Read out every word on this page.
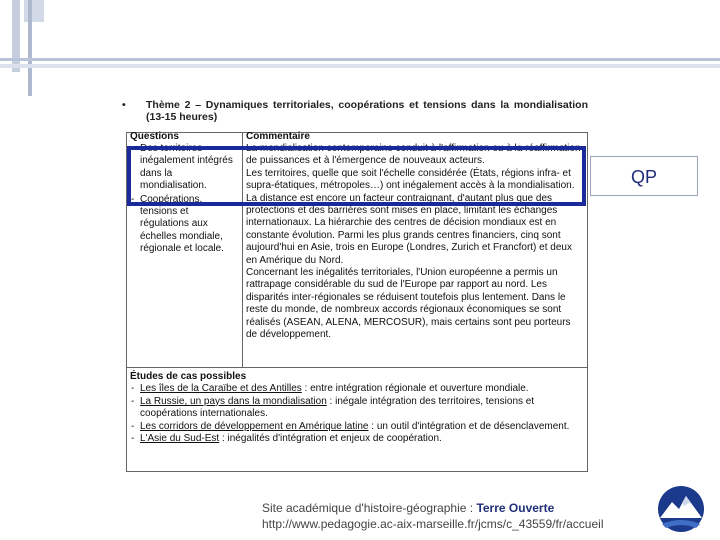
• Thème 2 – Dynamiques territoriales, coopérations et tensions dans la mondialisation (13-15 heures)
Questions
- Des territoires inégalement intégrés dans la mondialisation.
- Coopérations, tensions et régulations aux échelles mondiale, régionale et locale.
Commentaire
La mondialisation contemporaine conduit à l'affirmation ou à la réaffirmation de puissances et à l'émergence de nouveaux acteurs.
Les territoires, quelle que soit l'échelle considérée (États, régions infra- et supra-étatiques, métropoles…) ont inégalement accès à la mondialisation.
La distance est encore un facteur contraignant, d'autant plus que des protections et des barrières sont mises en place, limitant les échanges internationaux. La hiérarchie des centres de décision mondiaux est en constante évolution. Parmi les plus grands centres financiers, cinq sont aujourd'hui en Asie, trois en Europe (Londres, Zurich et Francfort) et deux en Amérique du Nord.
Concernant les inégalités territoriales, l'Union européenne a permis un rattrapage considérable du sud de l'Europe par rapport au nord. Les disparités inter-régionales se réduisent toutefois plus lentement. Dans le reste du monde, de nombreux accords régionaux économiques se sont réalisés (ASEAN, ALENA, MERCOSUR), mais certains sont peu porteurs de développement.
Études de cas possibles
- Les îles de la Caraïbe et des Antilles : entre intégration régionale et ouverture mondiale.
- La Russie, un pays dans la mondialisation : inégale intégration des territoires, tensions et coopérations internationales.
- Les corridors de développement en Amérique latine : un outil d'intégration et de désenclavement.
- L'Asie du Sud-Est : inégalités d'intégration et enjeux de coopération.
QP
Site académique d'histoire-géographie : Terre Ouverte
http://www.pedagogie.ac-aix-marseille.fr/jcms/c_43559/fr/accueil
